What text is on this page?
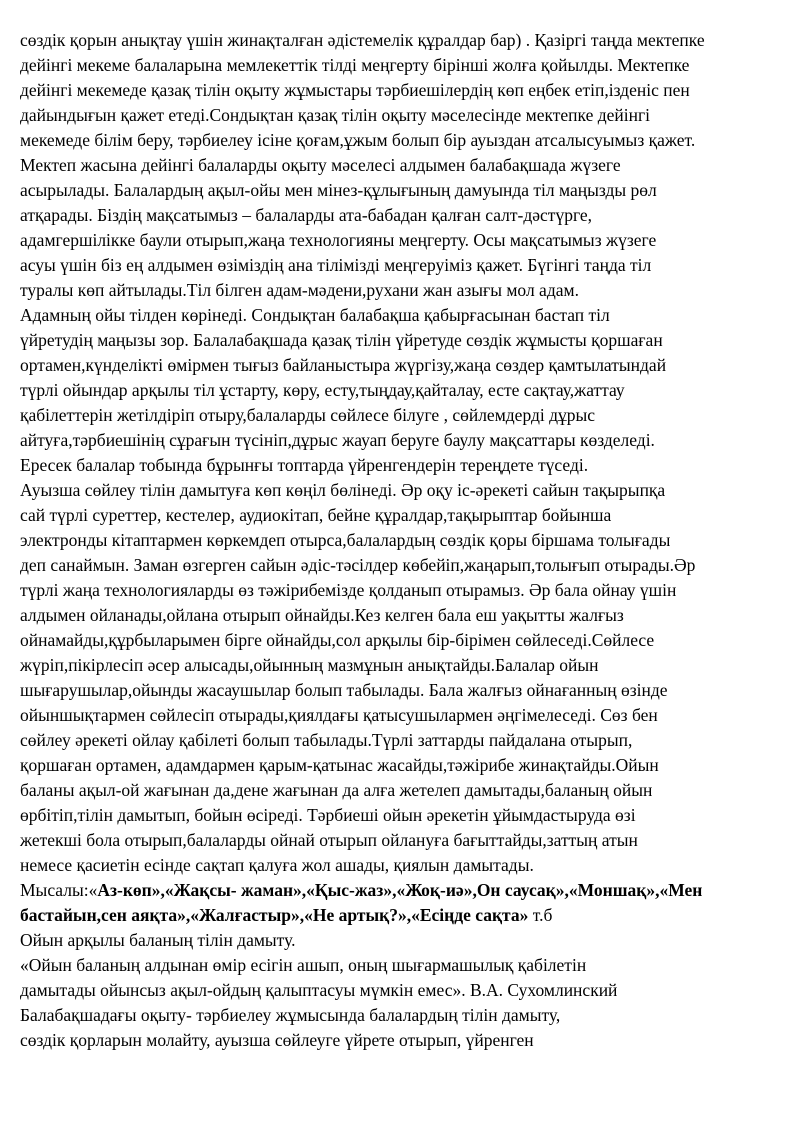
сөздік қорын анықтау үшін жинақталған әдістемелік құралдар бар) . Қазіргі таңда мектепке
дейінгі мекеме балаларына мемлекеттік тілді меңгерту бірінші жолға қойылды. Мектепке
дейінгі мекемеде қазақ тілін оқыту жұмыстары тәрбиешілердің көп еңбек етіп,ізденіс пен
дайындығын қажет етеді.Сондықтан қазақ тілін оқыту мәселесінде мектепке дейінгі
мекемеде білім беру, тәрбиелеу ісіне қоғам,ұжым болып бір ауыздан атсалысуымыз қажет.
Мектеп жасына дейінгі балаларды оқыту мәселесі алдымен балабақшада жүзеге
асырылады. Балалардың ақыл-ойы мен мінез-құлығының дамуында тіл маңызды рөл
атқарады. Біздің мақсатымыз – балаларды ата-бабадан қалған салт-дәстүрге,
адамгершілікке баули отырып,жаңа технологияны меңгерту. Осы мақсатымыз жүзеге
асуы үшін біз ең алдымен өзіміздің ана тілімізді меңгеруіміз қажет. Бүгінгі таңда тіл
туралы көп айтылады.Тіл білген адам-мәдени,рухани жан азығы мол адам.
Адамның ойы тілден көрінеді. Сондықтан балабақша қабырғасынан бастап тіл
үйретудің маңызы зор. Балалабақшада қазақ тілін үйретуде сөздік жұмысты қоршаған
ортамен,күнделікті өмірмен тығыз байланыстыра жүргізу,жаңа сөздер қамтылатындай
түрлі ойындар арқылы тіл ұстарту, көру, есту,тыңдау,қайталау, есте сақтау,жаттау
қабілеттерін жетілдіріп отыру,балаларды сөйлесе білуге , сөйлемдерді дұрыс
айтуға,тәрбиешінің сұрағын түсініп,дұрыс жауап беруге баулу мақсаттары көзделеді.
Ересек балалар тобында бұрынғы топтарда үйренгендерін тереңдете түседі.
Ауызша сөйлеу тілін дамытуға көп көңіл бөлінеді. Әр оқу іс-әрекеті сайын тақырыпқа
сай түрлі суреттер, кестелер, аудиокітап, бейне құралдар,тақырыптар бойынша
электронды кітаптармен көркемдеп отырса,балалардың сөздік қоры біршама толығады
деп санаймын. Заман өзгерген сайын әдіс-тәсілдер көбейіп,жаңарып,толығып отырады.Әр
түрлі жаңа технологияларды өз тәжірибемізде қолданып отырамыз. Әр бала ойнау үшін
алдымен ойланады,ойлана отырып ойнайды.Кез келген бала еш уақытты жалғыз
ойнамайды,құрбыларымен бірге ойнайды,сол арқылы бір-бірімен сөйлеседі.Сөйлесе
жүріп,пікірлесіп әсер алысады,ойынның мазмұнын анықтайды.Балалар ойын
шығарушылар,ойынды жасаушылар болып табылады. Бала жалғыз ойнағанның өзінде
ойыншықтармен сөйлесіп отырады,қиялдағы қатысушылармен әңгімелеседі. Сөз бен
сөйлеу әрекеті ойлау қабілеті болып табылады.Түрлі заттарды пайдалана отырып,
қоршаған ортамен, адамдармен қарым-қатынас жасайды,тәжірибе жинақтайды.Ойын
баланы ақыл-ой жағынан да,дене жағынан да алға жетелеп дамытады,баланың ойын
өрбітіп,тілін дамытып, бойын өсіреді. Тәрбиеші ойын әрекетін ұйымдастыруда өзі
жетекші бола отырып,балаларды ойнай отырып ойлануға бағыттайды,заттың атын
немесе қасиетін есінде сақтап қалуға жол ашады, қиялын дамытады.
Мысалы:«Аз-көп»,«Жақсы- жаман»,«Қыс-жаз»,«Жоқ-иә»,Он саусақ»,«Моншақ»,«Мен
бастайын,сен аяқта»,«Жалғастыр»,«Не артық?»,«Есіңде сақта» т.б
Ойын арқылы баланың тілін дамыту.
«Ойын баланың алдынан өмір есігін ашып, оның шығармашылық қабілетін
дамытады ойынсыз ақыл-ойдың қалыптасуы мүмкін емес». В.А. Сухомлинский
Балабақшадағы оқыту- тәрбиелеу жұмысында балалардың тілін дамыту,
сөздік қорларын молайту, ауызша сөйлеуге үйрете отырып, үйренген
